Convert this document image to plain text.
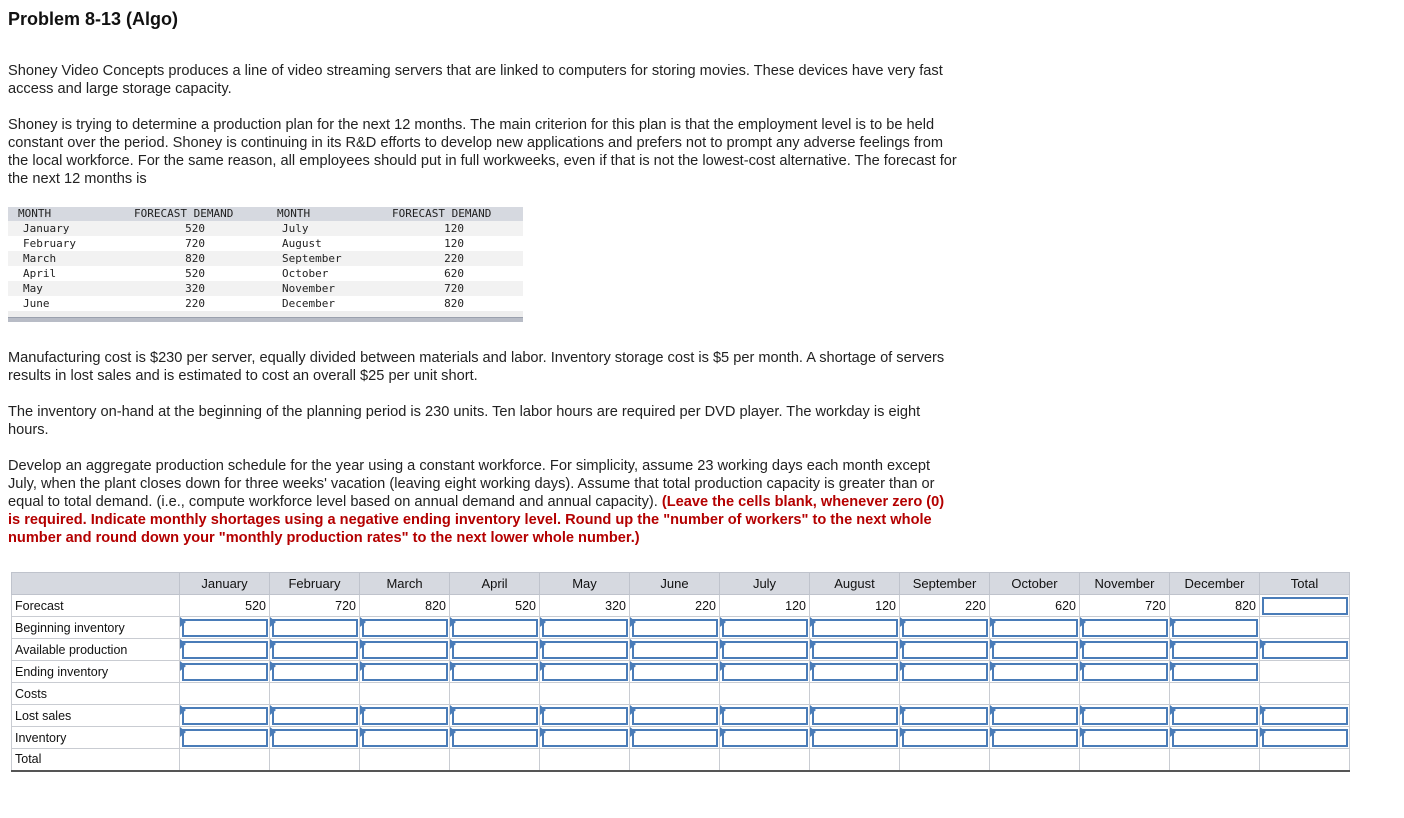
Problem 8-13 (Algo)
Shoney Video Concepts produces a line of video streaming servers that are linked to computers for storing movies. These devices have very fast access and large storage capacity.
Shoney is trying to determine a production plan for the next 12 months. The main criterion for this plan is that the employment level is to be held constant over the period. Shoney is continuing in its R&D efforts to develop new applications and prefers not to prompt any adverse feelings from the local workforce. For the same reason, all employees should put in full workweeks, even if that is not the lowest-cost alternative. The forecast for the next 12 months is
MONTH	FORECAST DEMAND	MONTH	FORECAST DEMAND
January	520	July	120
February	720	August	120
March	820	September	220
April	520	October	620
May	320	November	720
June	220	December	820
Manufacturing cost is $230 per server, equally divided between materials and labor. Inventory storage cost is $5 per month. A shortage of servers results in lost sales and is estimated to cost an overall $25 per unit short.
The inventory on-hand at the beginning of the planning period is 230 units. Ten labor hours are required per DVD player. The workday is eight hours.
Develop an aggregate production schedule for the year using a constant workforce. For simplicity, assume 23 working days each month except July, when the plant closes down for three weeks' vacation (leaving eight working days). Assume that total production capacity is greater than or equal to total demand. (i.e., compute workforce level based on annual demand and annual capacity). (Leave the cells blank, whenever zero (0) is required. Indicate monthly shortages using a negative ending inventory level. Round up the "number of workers" to the next whole number and round down your "monthly production rates" to the next lower whole number.)
	January	February	March	April	May	June	July	August	September	October	November	December	Total
Forecast	520	720	820	520	320	220	120	120	220	620	720	820	

Beginning inventory	

Available production	

Ending inventory	

Costs													
Lost sales	

Inventory	

Total													
